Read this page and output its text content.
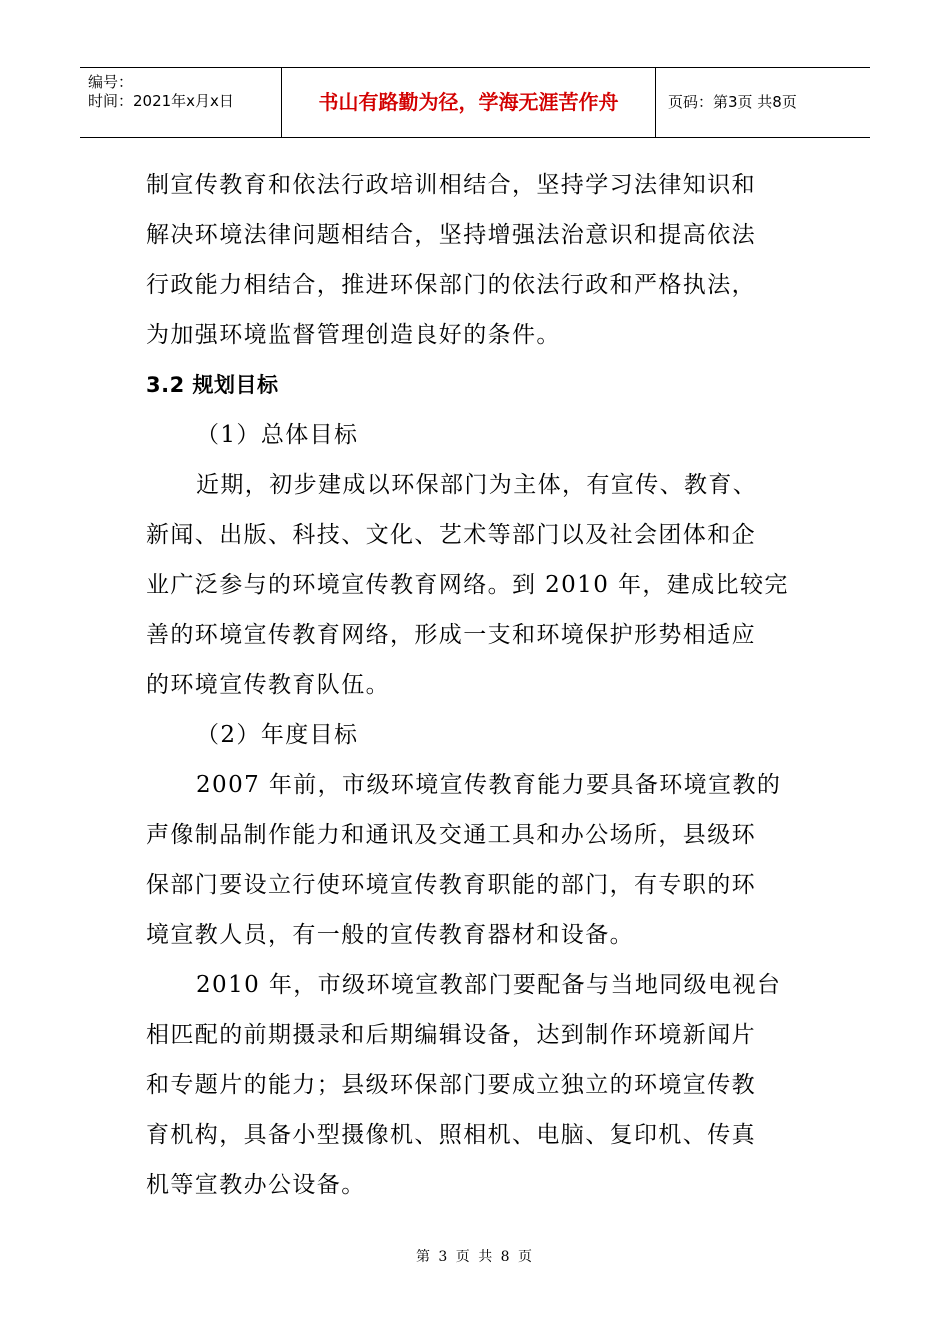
编号：
时间：2021年x月x日	书山有路勤为径，学海无涯苦作舟	页码：第3页 共8页
制宣传教育和依法行政培训相结合，坚持学习法律知识和
解决环境法律问题相结合，坚持增强法治意识和提高依法
行政能力相结合，推进环保部门的依法行政和严格执法，
为加强环境监督管理创造良好的条件。
3.2 规划目标
（1）总体目标
近期，初步建成以环保部门为主体，有宣传、教育、
新闻、出版、科技、文化、艺术等部门以及社会团体和企
业广泛参与的环境宣传教育网络。到 2010 年，建成比较完
善的环境宣传教育网络，形成一支和环境保护形势相适应
的环境宣传教育队伍。
（2）年度目标
2007 年前，市级环境宣传教育能力要具备环境宣教的
声像制品制作能力和通讯及交通工具和办公场所，县级环
保部门要设立行使环境宣传教育职能的部门，有专职的环
境宣教人员，有一般的宣传教育器材和设备。
2010 年，市级环境宣教部门要配备与当地同级电视台
相匹配的前期摄录和后期编辑设备，达到制作环境新闻片
和专题片的能力；县级环保部门要成立独立的环境宣传教
育机构，具备小型摄像机、照相机、电脑、复印机、传真
机等宣教办公设备。
第 3 页 共 8 页
